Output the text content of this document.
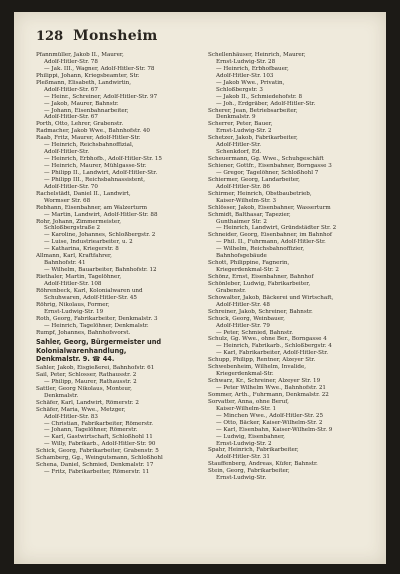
128 Monsheim
Pfannmüller, Jakob II., Maurer,
Adolf-Hitler-Str. 78
— Jak. III., Wagner, Adolf-Hitler-Str. 78
Philippi, Johann, Kriegsbeamter, Str.
Pleßmann, Elisabeth, Landwirtin,
Adolf-Hitler-Str. 67
— Heinr., Schreiner, Adolf-Hitler-Str. 97
— Jakob, Maurer, Bahnstr.
— Johann, Eisenbahnarbeiter,
Adolf-Hitler-Str. 67
Porth, Otto, Lehrer, Grabenstr.
Radmacher, Jakob Wwe., Bahnhofstr. 40
Raab, Fritz, Maurer, Adolf-Hitler-Str.
— Heinrich, Reichsbahnoffizial,
Adolf-Hitler-Str.
— Heinrich, Erbhofb., Adolf-Hitler-Str. 15
— Heinrich, Maurer, Mühlgasse-Str.
— Philipp II., Landwirt, Adolf-Hitler-Str.
— Philipp III., Reichsbahnassistent,
Adolf-Hitler-Str. 70
Rachelstädt, Daniel II., Landwirt,
Wormser Str. 68
Rebhann, Eisenbahner, am Walzerturm
— Martin, Landwirt, Adolf-Hitler-Str. 88
Rohr, Johann, Zimmermeister,
Schloßbergstraße 2
— Karoline, Johannes, Schloßbergstr. 2
— Luise, Industriearbeiter, u. 2
— Katharina, Kriegerstr. 8
Allmann, Karl, Kraftfahrer,
Bahnhofstr. 41
— Wilhelm, Bauarbeiter, Bahnhofstr. 12
Riethaler, Martin, Tagelöhner,
Adolf-Hitler-Str. 108
Röhrenbeck, Karl, Kolonialwaren und
Schuhwaren, Adolf-Hitler-Str. 45
Röhrig, Nikolaus, Former,
Ernst-Ludwig-Str. 19
Roth, Georg, Fabrikarbeiter, Denkmalstr. 3
— Heinrich, Tagelöhner, Denkmalstr.
Rumpf, Johannes, Bahnhofsvorst.
Sahler, Georg, Bürgermeister und
Kolonialwarenhandlung,
Denkmalstr. 9. ☎ 44.
Sahler, Jakob, Eisgießerei, Bahnhofstr. 61
Sail, Peter, Schlosser, Rathausstr. 2
— Philipp, Maurer, Rathausstr. 2
Sattler, Georg Nikolaus, Monteur,
Denkmalstr.
Schäfer, Karl, Landwirt, Römerstr. 2
Schäfer, Maria, Wwe., Metzger,
Adolf-Hitler-Str. 83
— Christian, Fabrikarbeiter, Römerstr.
— Johann, Tagelöhner, Römerstr.
— Karl, Gastwirtschaft, Schloßhohl 11
— Willy, Fabrikarb., Adolf-Hitler-Str. 90
Schick, Georg, Fabrikarbeiter, Grabenstr. 5
Schamberg, Gg., Weingutsmann, Schloßhohl
Schena, Daniel, Schmied, Denkmalstr. 17
— Fritz, Fabrikarbeiter, Römerstr. 11
Schellenhäuser, Heinrich, Maurer,
Ernst-Ludwig-Str. 28
— Heinrich, Erbhofbauer,
Adolf-Hitler-Str. 103
— Jakob Wwe., Privatin,
Schloßbergstr. 3
— Jakob II., Schmiedehofstr. 8
— Joh., Erdgräber, Adolf-Hitler-Str.
Scherer, Jean, Betriebsarbeiter,
Denkmalstr. 9
Scherrer, Peter, Bauer,
Ernst-Ludwig-Str. 2
Schetzer, Jakob, Fabrikarbeiter,
Adolf-Hitler-Str.
Schenkdorf, Ed.
Scheuermann, Gg. Wwe., Schuhgeschäft
Schiener, Gottfr., Eisenbahner, Borngasse 3
— Gregor, Tagelöhner, Schloßhohl 7
Schiermer, Georg, Landarbeiter,
Adolf-Hitler-Str. 86
Schirmer, Heinrich, Obstbaubetrieb,
Kaiser-Wilhelm-Str. 3
Schlösser, Jakob, Eisenbahner, Wasserturm
Schmidt, Balthasar, Tapezier,
Gunthaimer Str. 2
— Heinrich, Landwirt, Gründstädter Str. 2
Schneider, Georg, Eisenbahner, im Bahnhof
— Phil. II., Fuhrmann, Adolf-Hitler-Str.
— Wilhelm, Reichsbahnoffizier,
Bahnhofsgebäude
Schott, Philippine, Fagnerin,
Kriegerdenkmal-Str. 2
Schönz, Ernst, Eisenbahner, Bahnhof
Schönleber, Ludwig, Fabrikarbeiter,
Grabenstr.
Schowalter, Jakob, Bäckerei und Wirtschaft,
Adolf-Hitler-Str. 48
Schreiner, Jakob, Schreiner, Bahnstr.
Schuck, Georg, Weinbauer,
Adolf-Hitler-Str. 79
— Peter, Schmied, Bahnstr.
Schulz, Gg. Wwe., ohne Ber., Borngasse 4
— Heinrich, Fabrikarb., Schloßbergstr. 4
— Karl, Fabrikarbeiter, Adolf-Hitler-Str.
Schupp, Philipp, Rentner, Alzeyer Str.
Schwebenheim, Wilhelm, Invalide,
Kriegerdenkmal-Str.
Schwarz, Kr., Schreiner, Alzeyer Str. 19
— Peter Wilhelm Wwe., Bahnhofstr. 21
Sommer, Arth., Fuhrmann, Denkmalstr. 22
Sorvatter, Anna, ohne Beruf,
Kaiser-Wilhelm-Str. 1
— Minchen Wwe., Adolf-Hitler-Str. 25
— Otto, Bäcker, Kaiser-Wilhelm-Str. 2
— Karl, Eisenbahn, Kaiser-Wilhelm-Str. 9
— Ludwig, Eisenbahner,
Ernst-Ludwig-Str. 2
Spahr, Heinrich, Fabrikarbeiter,
Adolf-Hitler-Str. 31
Stauffenberg, Andreas, Küfer, Bahnstr.
Stein, Georg, Fabrikarbeiter,
Ernst-Ludwig-Str.
